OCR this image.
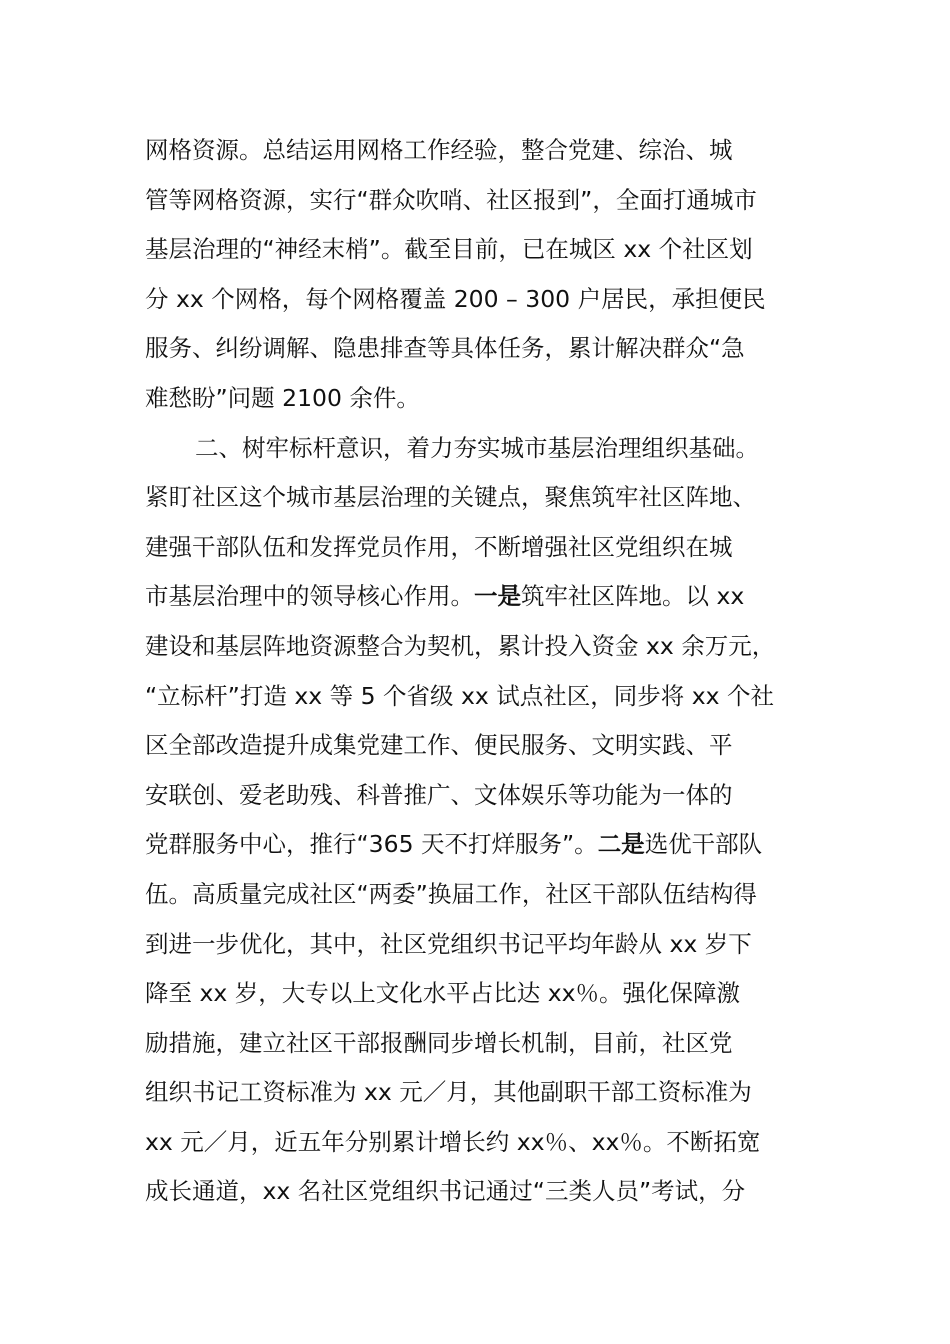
网格资源。总结运用网格工作经验，整合党建、综治、城
管等网格资源，实行“群众吹哨、社区报到”，全面打通城市
基层治理的“神经末梢”。截至目前，已在城区 xx 个社区划
分 xx 个网格，每个网格覆盖 200 – 300 户居民，承担便民
服务、纠纷调解、隐患排查等具体任务，累计解决群众“急
难愁盼”问题 2100 余件。
二、树牢标杆意识，着力夯实城市基层治理组织基础。
紧盯社区这个城市基层治理的关键点，聚焦筑牢社区阵地、
建强干部队伍和发挥党员作用，不断增强社区党组织在城
市基层治理中的领导核心作用。一是筑牢社区阵地。以 xx
建设和基层阵地资源整合为契机，累计投入资金 xx 余万元，
“立标杆”打造 xx 等 5 个省级 xx 试点社区，同步将 xx 个社
区全部改造提升成集党建工作、便民服务、文明实践、平
安联创、爱老助残、科普推广、文体娱乐等功能为一体的
党群服务中心，推行“365 天不打烊服务”。二是选优干部队
伍。高质量完成社区“两委”换届工作，社区干部队伍结构得
到进一步优化，其中，社区党组织书记平均年龄从 xx 岁下
降至 xx 岁，大专以上文化水平占比达 xx％。强化保障激
励措施，建立社区干部报酬同步增长机制，目前，社区党
组织书记工资标准为 xx 元／月，其他副职干部工资标准为
xx 元／月，近五年分别累计增长约 xx％、xx％。不断拓宽
成长通道，xx 名社区党组织书记通过“三类人员”考试，分
